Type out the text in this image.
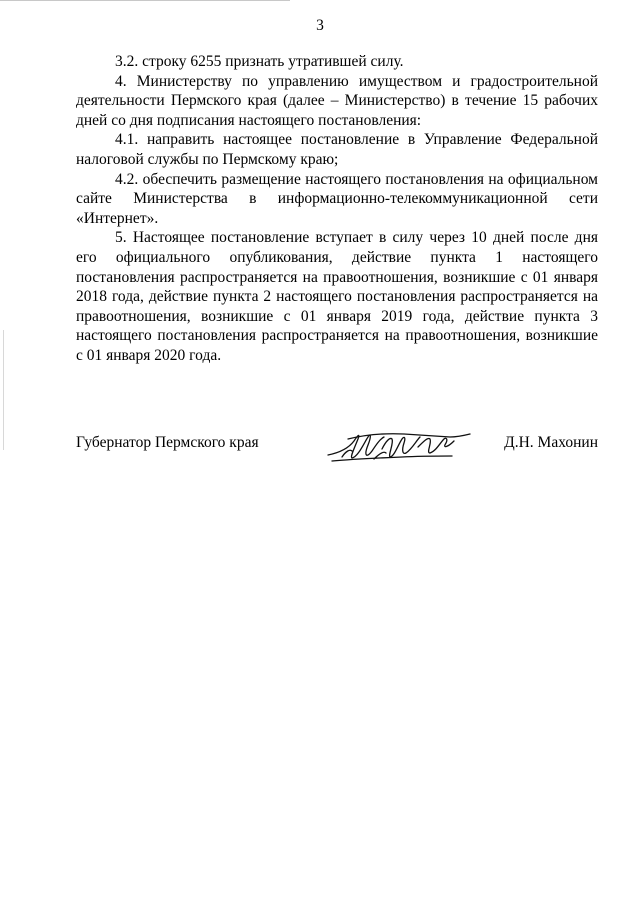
3

3.2. строку 6255 признать утратившей силу.

4. Министерству по управлению имуществом и градостроительной деятельности Пермского края (далее – Министерство) в течение 15 рабочих дней со дня подписания настоящего постановления:

4.1. направить настоящее постановление в Управление Федеральной налоговой службы по Пермскому краю;

4.2. обеспечить размещение настоящего постановления на официальном сайте Министерства в информационно-телекоммуникационной сети «Интернет».

5. Настоящее постановление вступает в силу через 10 дней после дня его официального опубликования, действие пункта 1 настоящего постановления распространяется на правоотношения, возникшие с 01 января 2018 года, действие пункта 2 настоящего постановления распространяется на правоотношения, возникшие с 01 января 2019 года, действие пункта 3 настоящего постановления распространяется на правоотношения, возникшие с 01 января 2020 года.

Губернатор Пермского края	Д.Н. Махонин
